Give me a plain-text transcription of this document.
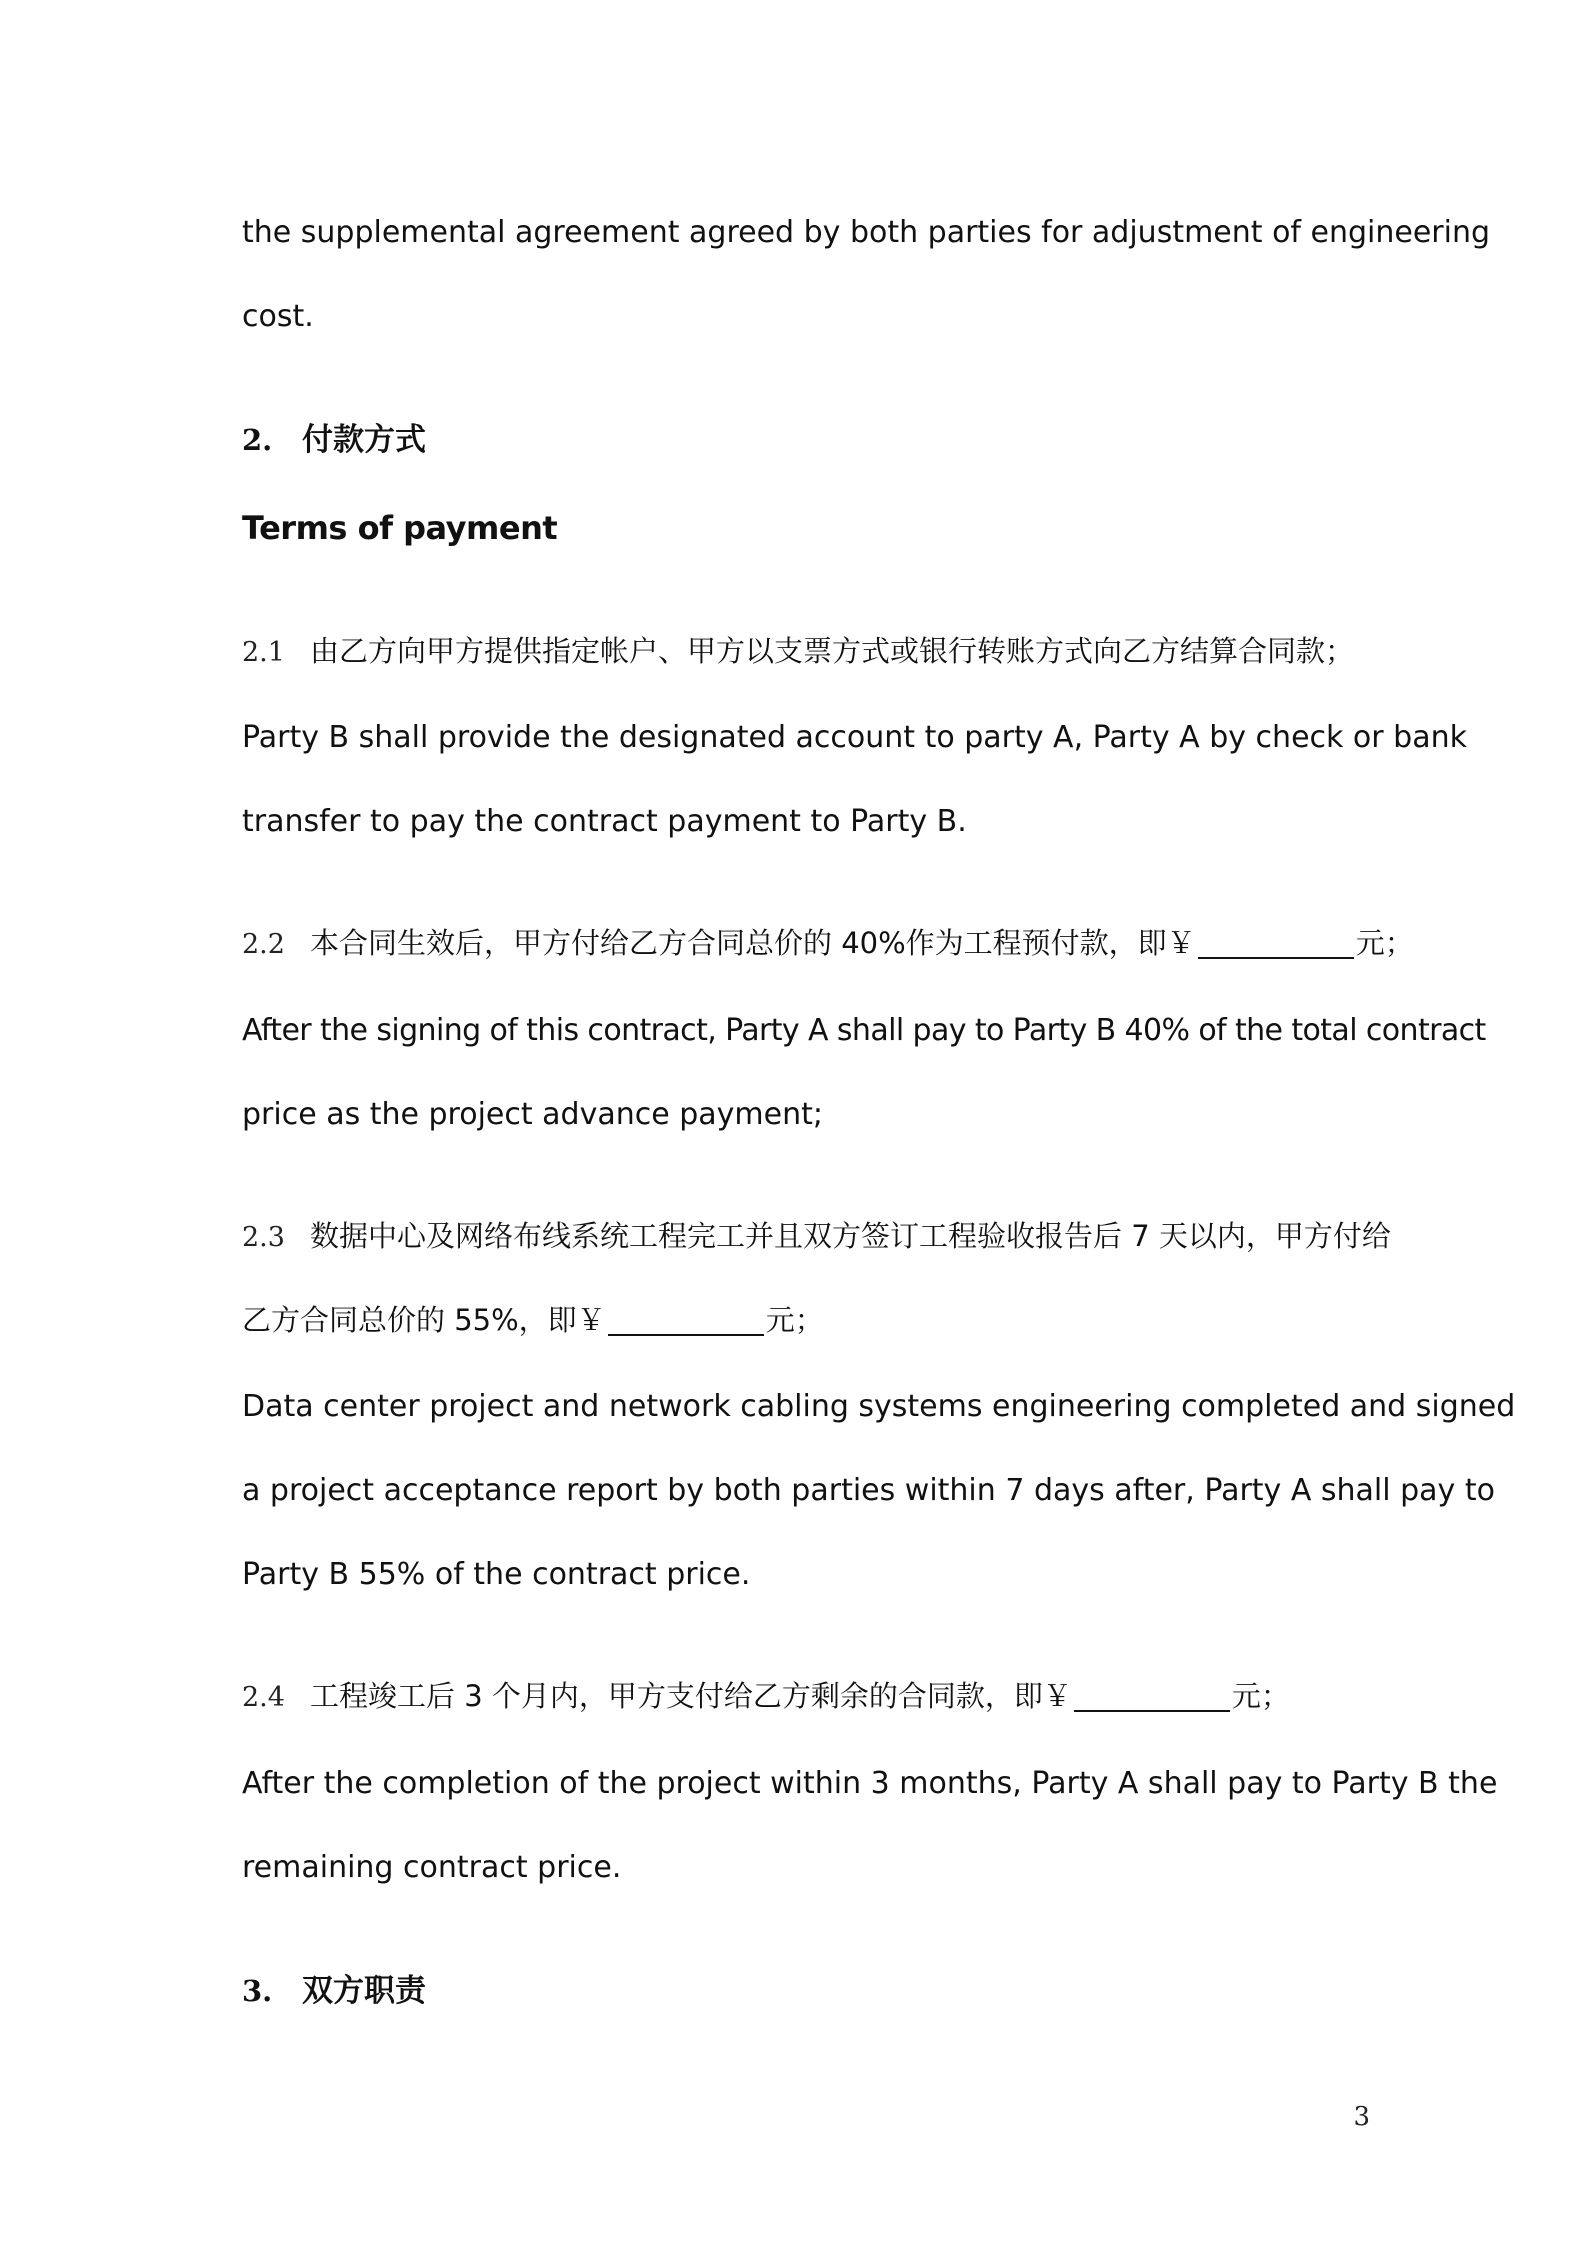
the supplemental agreement agreed by both parties for adjustment of engineering
cost.
2. 付款方式
Terms of payment
2.1 由乙方向甲方提供指定帐户、甲方以支票方式或银行转账方式向乙方结算合同款；
Party B shall provide the designated account to party A, Party A by check or bank
transfer to pay the contract payment to Party B.
2.2 本合同生效后，甲方付给乙方合同总价的 40%作为工程预付款，即￥	元；
After the signing of this contract, Party A shall pay to Party B 40% of the total contract
price as the project advance payment;
2.3 数据中心及网络布线系统工程完工并且双方签订工程验收报告后 7 天以内，甲方付给
乙方合同总价的 55%，即￥	元；
Data center project and network cabling systems engineering completed and signed
a project acceptance report by both parties within 7 days after, Party A shall pay to
Party B 55% of the contract price.
2.4 工程竣工后 3 个月内，甲方支付给乙方剩余的合同款，即￥	元；
After the completion of the project within 3 months, Party A shall pay to Party B the
remaining contract price.
3. 双方职责
3
